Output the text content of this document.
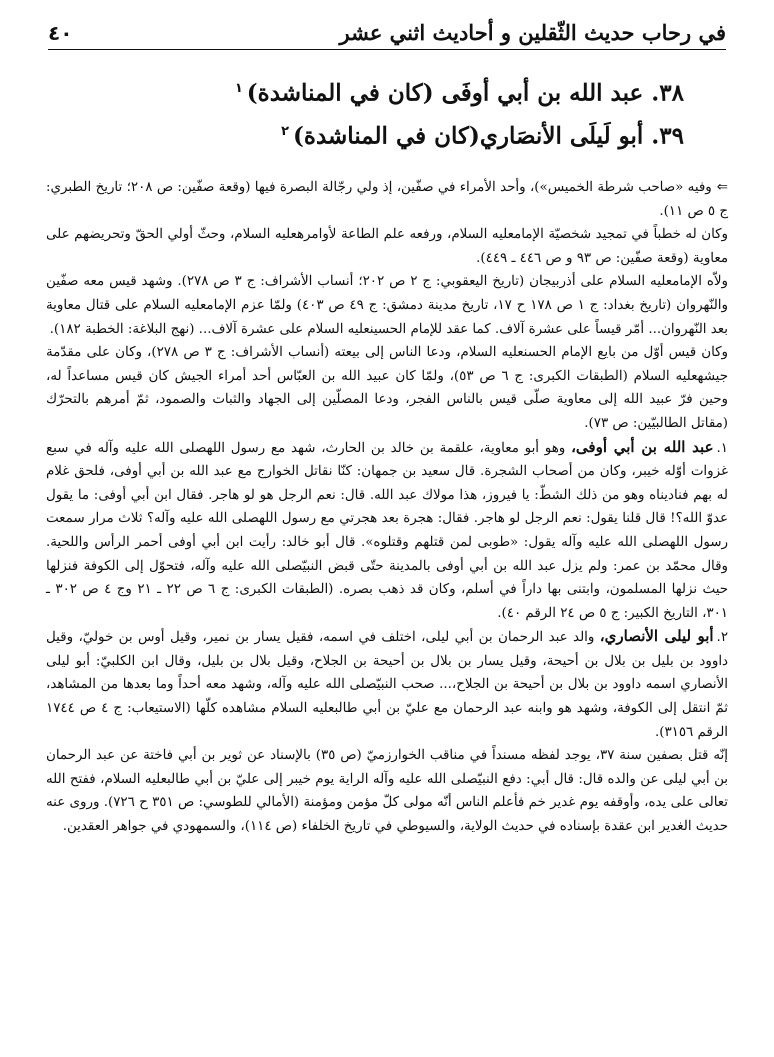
في رحاب حديث الثّقلين و أحاديث اثني عشر
٤٠
٣٨. عبد الله بن أبي أوفَى (كان في المناشدة)$^١$
٣٩. أبو لَيلَى الأنصَاري(كان في المناشدة)$^٢$

⇐وفيه «صاحب شرطة الخميس»)، وأحد الأمراء في صفّين، إذ ولي رجّالة البصرة فيها (وقعة صفّين: ص ٢٠٨؛ تاريخ الطبري: ج ٥ ص ١١).

وكان له خطباً في تمجيد شخصيّة الإمامعليه السلام، ورفعه علم الطاعة لأوامرهعليه السلام، وحثّ أولي الحقّ وتحريضهم على معاوية (وقعة صفّين: ص ٩٣ و ص ٤٤٦ ـ ٤٤٩).

ولاّه الإمامعليه السلام على أذربيجان (تاريخ اليعقوبي: ج ٢ ص ٢٠٢؛ أنساب الأشراف: ج ٣ ص ٢٧٨). وشهد قيس معه صفّين والنّهروان (تاريخ بغداد: ج ١ ص ١٧٨ ح ١٧، تاريخ مدينة دمشق: ج ٤٩ ص ٤٠٣) ولمّا عزم الإمامعليه السلام على قتال معاوية بعد النّهروان... أمّر قيساً على عشرة آلاف. كما عقد للإمام الحسينعليه السلام على عشرة آلاف... (نهج البلاغة: الخطبة ١٨٢).

وكان قيس أوّل من بايع الإمام الحسنعليه السلام، ودعا الناس إلى بيعته (أنساب الأشراف: ج ٣ ص ٢٧٨)، وكان على مقدّمة جيشهعليه السلام (الطبقات الكبرى: ج ٦ ص ٥٣)، ولمّا كان عبيد الله بن العبّاس أحد أمراء الجيش كان قيس مساعداً له، وحين فرّ عبيد الله إلى معاوية صلّى قيس بالناس الفجر، ودعا المصلّين إلى الجهاد والثبات والصمود، ثمّ أمرهم بالتحرّك (مقاتل الطالبيّين: ص ٧٣).

١.عبد الله بن أبي أوفى، وهو أبو معاوية، علقمة بن خالد بن الحارث، شهد مع رسول اللهصلى الله عليه وآله في سبع غزوات أوّله خيبر، وكان من أصحاب الشجرة. قال سعيد بن جمهان: كنّا نقاتل الخوارج مع عبد الله بن أبي أوفى، فلحق غلام له بهم فناديناه وهو من ذلك الشطّ: يا فيروز، هذا مولاك عبد الله. قال: نعم الرجل هو لو هاجر. فقال ابن أبي أوفى: ما يقول عدوّ الله؟! قال قلنا يقول: نعم الرجل لو هاجر. فقال: هجرة بعد هجرتي مع رسول اللهصلى الله عليه وآله؟ ثلاث مرار سمعت رسول اللهصلى الله عليه وآله يقول: «طوبى لمن قتلهم وقتلوه». قال أبو خالد: رأيت ابن أبي أوفى أحمر الرأس واللحية. وقال محمّد بن عمر: ولم يزل عبد الله بن أبي أوفى بالمدينة حتّى قبض النبيّصلى الله عليه وآله، فتحوّل إلى الكوفة فنزلها حيث نزلها المسلمون، وابتنى بها داراً في أسلم، وكان قد ذهب بصره. (الطبقات الكبرى: ج ٦ ص ٢٢ ـ ٢١ وج ٤ ص ٣٠٢ ـ ٣٠١، التاريخ الكبير: ج ٥ ص ٢٤ الرقم ٤٠).

٢.أبو ليلى الأنصاري، والد عبد الرحمان بن أبي ليلى، اختلف في اسمه، فقيل يسار بن نمير، وقيل أوس بن خوليّ، وقيل داوود بن بليل بن بلال بن أحيحة، وقيل يسار بن بلال بن أحيحة بن الجلاح، وقيل بلال بن بليل، وقال ابن الكلبيّ: أبو ليلى الأنصاري اسمه داوود بن بلال بن أحيحة بن الجلاح،... صحب النبيّصلى الله عليه وآله، وشهد معه أحداً وما بعدها من المشاهد، ثمّ انتقل إلى الكوفة، وشهد هو وابنه عبد الرحمان مع عليّ بن أبي طالبعليه السلام مشاهده كلّها (الاستيعاب: ج ٤ ص ١٧٤٤ الرقم ٣١٥٦).

إنّه قتل بصفين سنة ٣٧، يوجد لفظه مسنداً في مناقب الخوارزميّ (ص ٣٥) بالإسناد عن ثوير بن أبي فاختة عن عبد الرحمان بن أبي ليلى عن والده قال: قال أبي: دفع النبيّصلى الله عليه وآله الراية يوم خيبر إلى عليّ بن أبي طالبعليه السلام، ففتح الله تعالى على يده، وأوقفه يوم غدير خم فأعلم الناس أنّه مولى كلّ مؤمن ومؤمنة (الأمالي للطوسي: ص ٣٥١ ح ٧٢٦). وروى عنه حديث الغدير ابن عقدة بإسناده في حديث الولاية، والسيوطي في تاريخ الخلفاء (ص ١١٤)، والسمهودي في جواهر العقدين.
